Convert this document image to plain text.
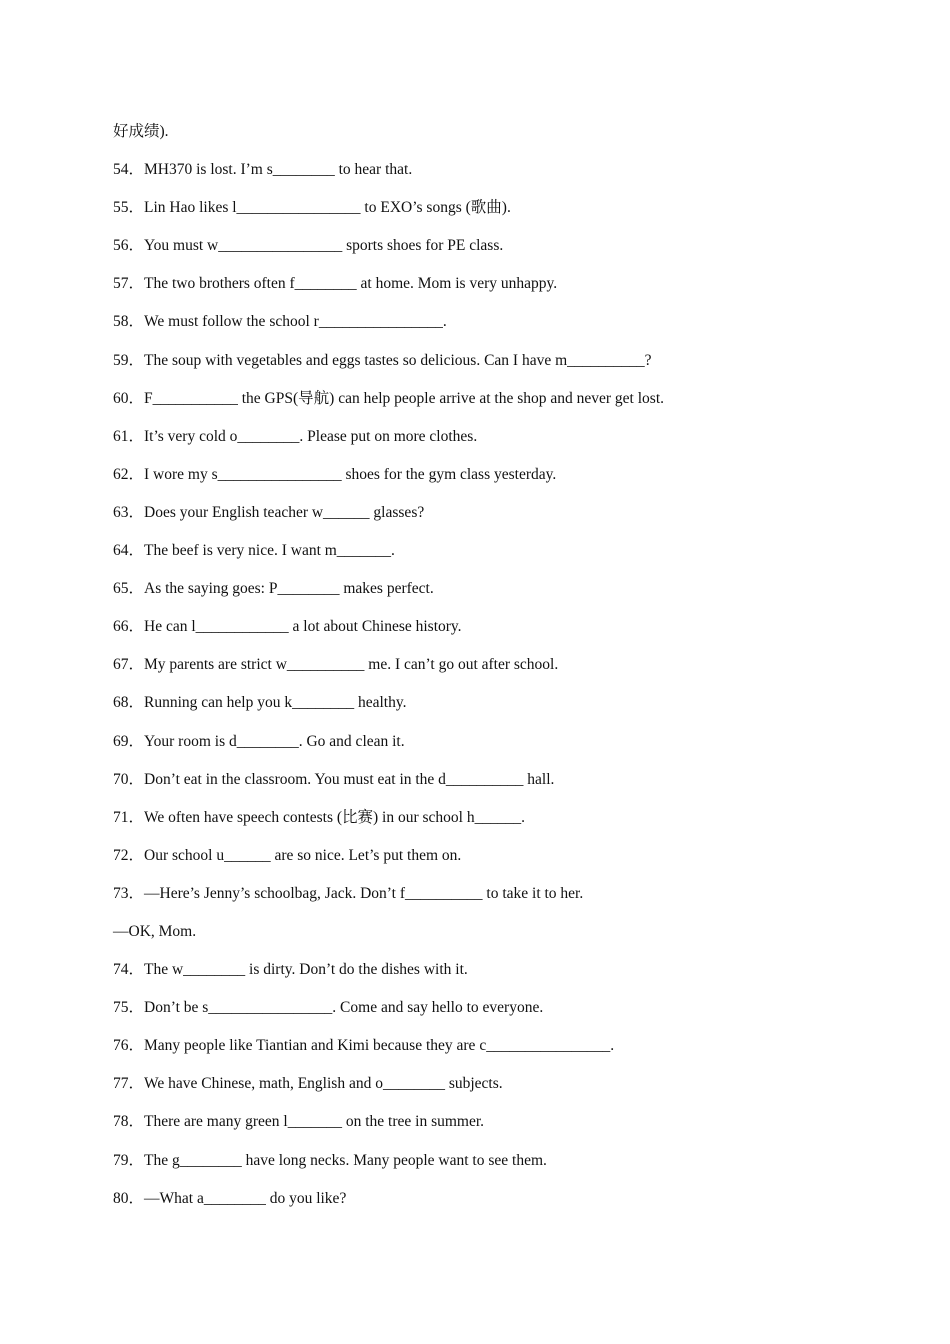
好成绩).
54．MH370 is lost. I’m s________ to hear that.
55．Lin Hao likes l________________ to EXO’s songs (歌曲).
56．You must w________________ sports shoes for PE class.
57．The two brothers often f________ at home. Mom is very unhappy.
58．We must follow the school r________________.
59．The soup with vegetables and eggs tastes so delicious. Can I have m__________?
60．F___________ the GPS(导航) can help people arrive at the shop and never get lost.
61．It’s very cold o________. Please put on more clothes.
62．I wore my s________________ shoes for the gym class yesterday.
63．Does your English teacher w______ glasses?
64．The beef is very nice. I want m_______.
65．As the saying goes: P________ makes perfect.
66．He can l____________ a lot about Chinese history.
67．My parents are strict w__________ me. I can’t go out after school.
68．Running can help you k________ healthy.
69．Your room is d________. Go and clean it.
70．Don’t eat in the classroom. You must eat in the d__________ hall.
71．We often have speech contests (比赛) in our school h______.
72．Our school u______ are so nice. Let’s put them on.
73．—Here’s Jenny’s schoolbag, Jack. Don’t f__________ to take it to her.
—OK, Mom.
74．The w________ is dirty. Don’t do the dishes with it.
75．Don’t be s________________. Come and say hello to everyone.
76．Many people like Tiantian and Kimi because they are c________________.
77．We have Chinese, math, English and o________ subjects.
78．There are many green l_______ on the tree in summer.
79．The g________ have long necks. Many people want to see them.
80．—What a________ do you like?
